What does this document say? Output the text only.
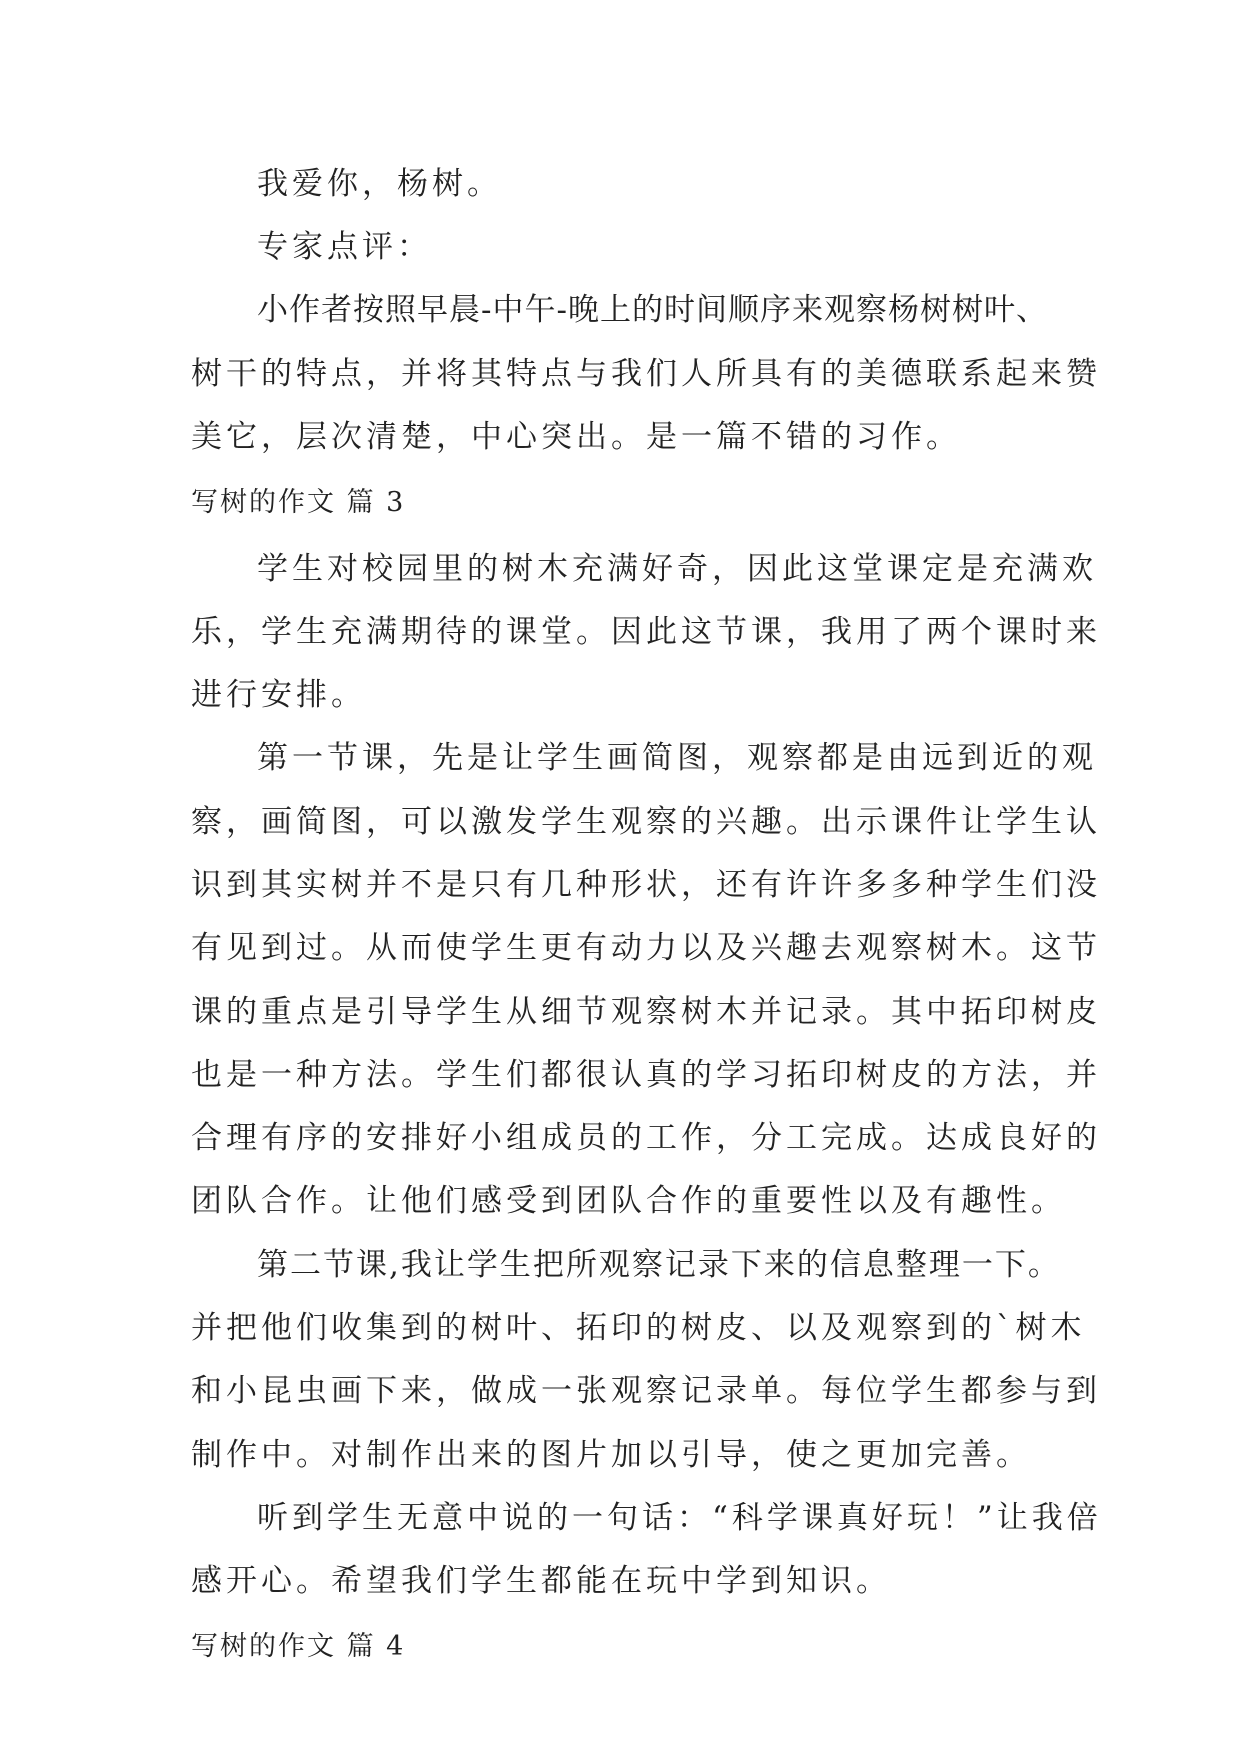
我爱你，杨树。
专家点评：
小作者按照早晨-中午-晚上的时间顺序来观察杨树树叶、
树干的特点，并将其特点与我们人所具有的美德联系起来赞
美它，层次清楚，中心突出。是一篇不错的习作。
写树的作文 篇 3
学生对校园里的树木充满好奇，因此这堂课定是充满欢
乐，学生充满期待的课堂。因此这节课，我用了两个课时来
进行安排。
第一节课，先是让学生画简图，观察都是由远到近的观
察，画简图，可以激发学生观察的兴趣。出示课件让学生认
识到其实树并不是只有几种形状，还有许许多多种学生们没
有见到过。从而使学生更有动力以及兴趣去观察树木。这节
课的重点是引导学生从细节观察树木并记录。其中拓印树皮
也是一种方法。学生们都很认真的学习拓印树皮的方法，并
合理有序的安排好小组成员的工作，分工完成。达成良好的
团队合作。让他们感受到团队合作的重要性以及有趣性。
第二节课,我让学生把所观察记录下来的信息整理一下。
并把他们收集到的树叶、拓印的树皮、以及观察到的`树木
和小昆虫画下来，做成一张观察记录单。每位学生都参与到
制作中。对制作出来的图片加以引导，使之更加完善。
听到学生无意中说的一句话：“科学课真好玩！”让我倍
感开心。希望我们学生都能在玩中学到知识。
写树的作文 篇 4
